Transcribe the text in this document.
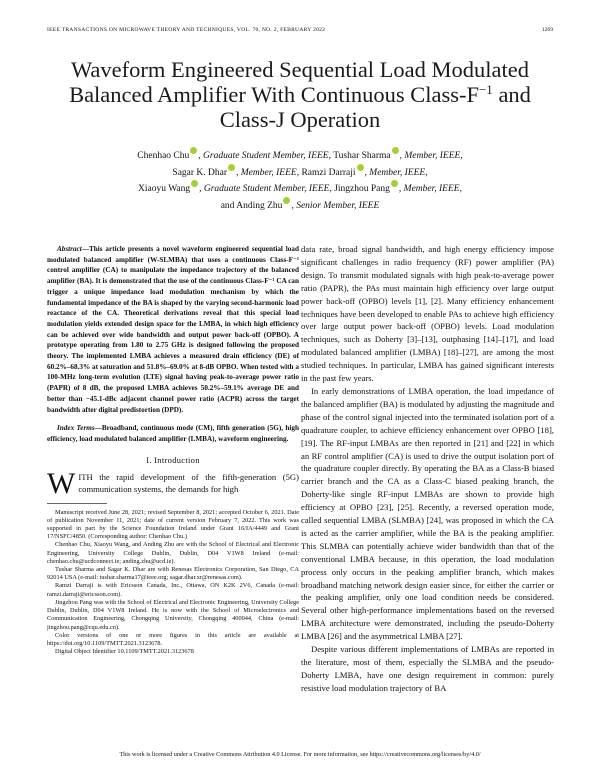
IEEE TRANSACTIONS ON MICROWAVE THEORY AND TECHNIQUES, VOL. 70, NO. 2, FEBRUARY 2022	1269
Waveform Engineered Sequential Load Modulated Balanced Amplifier With Continuous Class-$F^{-1}$ and Class-J Operation
Chenhao Chu , Graduate Student Member, IEEE, Tushar Sharma , Member, IEEE,
Sagar K. Dhar , Member, IEEE, Ramzi Darraji , Member, IEEE,
Xiaoyu Wang , Graduate Student Member, IEEE, Jingzhou Pang , Member, IEEE,
and Anding Zhu , Senior Member, IEEE

Abstract—This article presents a novel waveform engineered sequential load modulated balanced amplifier (W-SLMBA) that uses a continuous Class-F⁻¹ control amplifier (CA) to manipulate the impedance trajectory of the balanced amplifier (BA). It is demonstrated that the use of the continuous Class-F⁻¹ CA can trigger a unique impedance load modulation mechanism by which the fundamental impedance of the BA is shaped by the varying second-harmonic load reactance of the CA. Theoretical derivations reveal that this special load modulation yields extended design space for the LMBA, in which high efficiency can be achieved over wide bandwidth and output power back-off (OPBO). A prototype operating from 1.80 to 2.75 GHz is designed following the proposed theory. The implemented LMBA achieves a measured drain efficiency (DE) of 60.2%–68.3% at saturation and 51.8%–69.0% at 8-dB OPBO. When tested with a 100-MHz long-term evolution (LTE) signal having peak-to-average power ratio (PAPR) of 8 dB, the proposed LMBA achieves 50.2%–59.1% average DE and better than −45.1-dBc adjacent channel power ratio (ACPR) across the target bandwidth after digital predistortion (DPD).

Index Terms—Broadband, continuous mode (CM), fifth generation (5G), high efficiency, load modulated balanced amplifier (LMBA), waveform engineering.

I. Introduction
WITH the rapid development of the fifth-generation (5G) communication systems, the demands for high

Manuscript received June 28, 2021; revised September 8, 2021; accepted October 6, 2021. Date of publication November 11, 2021; date of current version February 7, 2022. This work was supported in part by the Science Foundation Ireland under Grant 16/IA/4449 and Grant 17/NSFC/4850. (Corresponding author: Chenhao Chu.)

Chenhao Chu, Xiaoyu Wang, and Anding Zhu are with the School of Electrical and Electronic Engineering, University College Dublin, Dublin, D04 V1W8 Ireland (e-mail: chenhao.chu@ucdconnect.ie; anding.zhu@ucd.ie).

Tushar Sharma and Sagar K. Dhar are with Renesas Electronics Corporation, San Diego, CA 92014 USA (e-mail: tushar.sharma17@ieee.org; sagar.dhar.xr@renesas.com).

Ramzi Darraji is with Ericsson Canada, Inc., Ottawa, ON K2K 2V6, Canada (e-mail: ramzi.darraji@ericsson.com).

Jingzhou Pang was with the School of Electrical and Electronic Engineering, University College Dublin, Dublin, D04 V1W8 Ireland. He is now with the School of Microelectronics and Communication Engineering, Chongqing University, Chongqing 400044, China (e-mail: jingzhou.pang@cqu.edu.cn).

Color versions of one or more figures in this article are available at https://doi.org/10.1109/TMTT.2021.3123678.

Digital Object Identifier 10.1109/TMTT.2021.3123678

data rate, broad signal bandwidth, and high energy efficiency impose significant challenges in radio frequency (RF) power amplifier (PA) design. To transmit modulated signals with high peak-to-average power ratio (PAPR), the PAs must maintain high efficiency over large output power back-off (OPBO) levels [1], [2]. Many efficiency enhancement techniques have been developed to enable PAs to achieve high efficiency over large output power back-off (OPBO) levels. Load modulation techniques, such as Doherty [3]–[13], outphasing [14]–[17], and load modulated balanced amplifier (LMBA) [18]–[27], are among the most studied techniques. In particular, LMBA has gained significant interests in the past few years.

In early demonstrations of LMBA operation, the load impedance of the balanced amplifier (BA) is modulated by adjusting the magnitude and phase of the control signal injected into the terminated isolation port of a quadrature coupler, to achieve efficiency enhancement over OPBO [18], [19]. The RF-input LMBAs are then reported in [21] and [22] in which an RF control amplifier (CA) is used to drive the output isolation port of the quadrature coupler directly. By operating the BA as a Class-B biased carrier branch and the CA as a Class-C biased peaking branch, the Doherty-like single RF-input LMBAs are shown to provide high efficiency at OPBO [23], [25]. Recently, a reversed operation mode, called sequential LMBA (SLMBA) [24], was proposed in which the CA is acted as the carrier amplifier, while the BA is the peaking amplifier. This SLMBA can potentially achieve wider bandwidth than that of the conventional LMBA because, in this operation, the load modulation process only occurs in the peaking amplifier branch, which makes broadband matching network design easier since, for either the carrier or the peaking amplifier, only one load condition needs be considered. Several other high-performance implementations based on the reversed LMBA architecture were demonstrated, including the pseudo-Doherty LMBA [26] and the asymmetrical LMBA [27].

Despite various different implementations of LMBAs are reported in the literature, most of them, especially the SLMBA and the pseudo-Doherty LMBA, have one design requirement in common: purely resistive load modulation trajectory of BA

This work is licensed under a Creative Commons Attribution 4.0 License. For more information, see https://creativecommons.org/licenses/by/4.0/
